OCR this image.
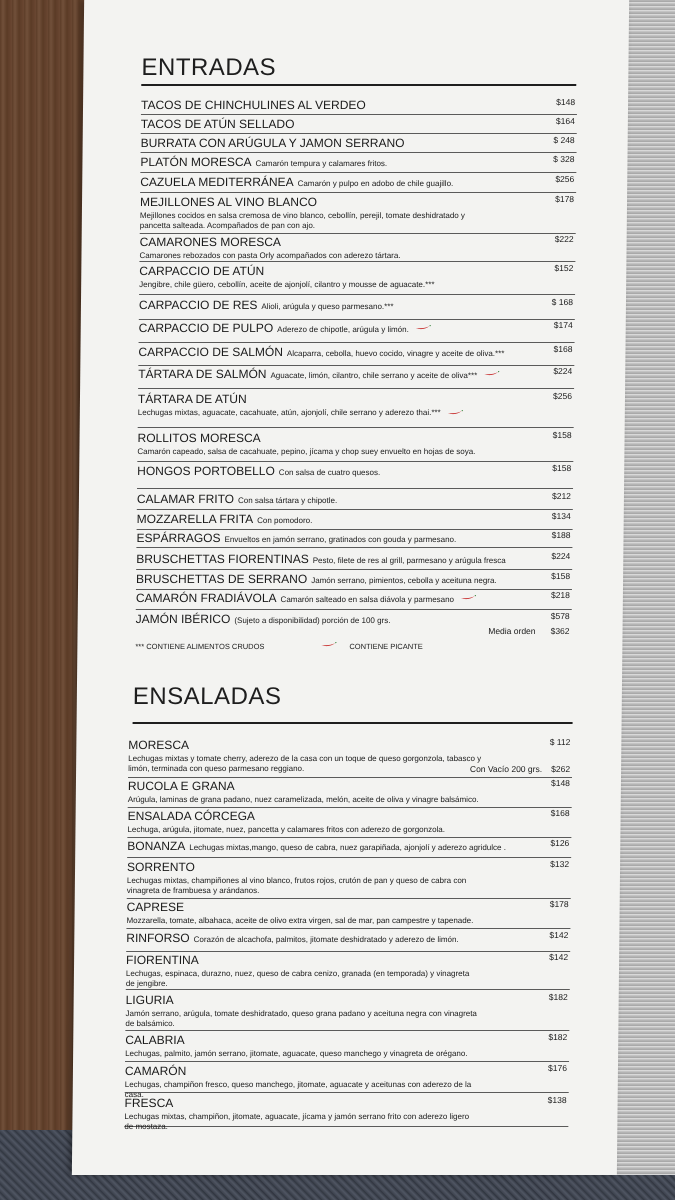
ENTRADAS
TACOS DE CHINCHULINES AL VERDEO	$148
TACOS DE ATÚN SELLADO	$164
BURRATA CON ARÚGULA Y JAMON SERRANO	$ 248
PLATÓN MORESCA Camarón tempura y calamares fritos.	$ 328
CAZUELA MEDITERRÁNEA Camarón y pulpo en adobo de chile guajillo.	$256
MEJILLONES AL VINO BLANCO
Mejillones cocidos en salsa cremosa de vino blanco, cebollín, perejil, tomate deshidratado y pancetta salteada. Acompañados de pan con ajo.
$178
CAMARONES MORESCA
Camarones rebozados con pasta Orly acompañados con aderezo tártara.
$222
CARPACCIO DE ATÚN
Jengibre, chile güero, cebollín, aceite de ajonjolí, cilantro y mousse de aguacate.***
$152
CARPACCIO DE RES Alioli, arúgula y queso parmesano.***	$ 168
CARPACCIO DE PULPO Aderezo de chipotle, arúgula y limón.	$174
CARPACCIO DE SALMÓN Alcaparra, cebolla, huevo cocido, vinagre y aceite de oliva.***	$168
TÁRTARA DE SALMÓN Aguacate, limón, cilantro, chile serrano y aceite de oliva***	$224
TÁRTARA DE ATÚN
Lechugas mixtas, aguacate, cacahuate, atún, ajonjolí, chile serrano y aderezo thai.***
$256
ROLLITOS MORESCA
Camarón capeado, salsa de cacahuate, pepino, jícama y chop suey envuelto en hojas de soya.
$158
HONGOS PORTOBELLO Con salsa de cuatro quesos.	$158
CALAMAR FRITO Con salsa tártara y chipotle.	$212
MOZZARELLA FRITA Con pomodoro.	$134
ESPÁRRAGOS Envueltos en jamón serrano, gratinados con gouda y parmesano.	$188
BRUSCHETTAS FIORENTINAS Pesto, filete de res al grill, parmesano y arúgula fresca	$224
BRUSCHETTAS DE SERRANO Jamón serrano, pimientos, cebolla y aceituna negra.	$158
CAMARÓN FRADIÁVOLA Camarón salteado en salsa diávola y parmesano	$218
JAMÓN IBÉRICO (Sujeto a disponibilidad) porción de 100 grs.	$578
Media orden $362
*** CONTIENE ALIMENTOS CRUDOS	CONTIENE PICANTE
ENSALADAS
MORESCA
Lechugas mixtas y tomate cherry, aderezo de la casa con un toque de queso gorgonzola, tabasco y limón, terminada con queso parmesano reggiano.
$ 112
Con Vacío 200 grs. $262
RUCOLA E GRANA
Arúgula, laminas de grana padano, nuez caramelizada, melón, aceite de oliva y vinagre balsámico.
$148
ENSALADA CÓRCEGA
Lechuga, arúgula, jitomate, nuez, pancetta y calamares fritos con aderezo de gorgonzola.
$168
BONANZA Lechugas mixtas,mango, queso de cabra, nuez garapiñada, ajonjolí y aderezo agridulce .	$126
SORRENTO
Lechugas mixtas, champiñones al vino blanco, frutos rojos, crutón de pan y queso de cabra con vinagreta de frambuesa y arándanos.
$132
CAPRESE
Mozzarella, tomate, albahaca, aceite de olivo extra virgen, sal de mar, pan campestre y tapenade.
$178
RINFORSO Corazón de alcachofa, palmitos, jitomate deshidratado y aderezo de limón.	$142
FIORENTINA
Lechugas, espinaca, durazno, nuez, queso de cabra cenizo, granada (en temporada) y vinagreta de jengibre.
$142
LIGURIA
Jamón serrano, arúgula, tomate deshidratado, queso grana padano y aceituna negra con vinagreta de balsámico.
$182
CALABRIA
Lechugas, palmito, jamón serrano, jitomate, aguacate, queso manchego y vinagreta de orégano.
$182
CAMARÓN
Lechugas, champiñon fresco, queso manchego, jitomate, aguacate y aceitunas con aderezo de la casa.
$176
FRESCA
Lechugas mixtas, champiñon, jitomate, aguacate, jícama y jamón serrano frito con aderezo ligero de mostaza.
$138
